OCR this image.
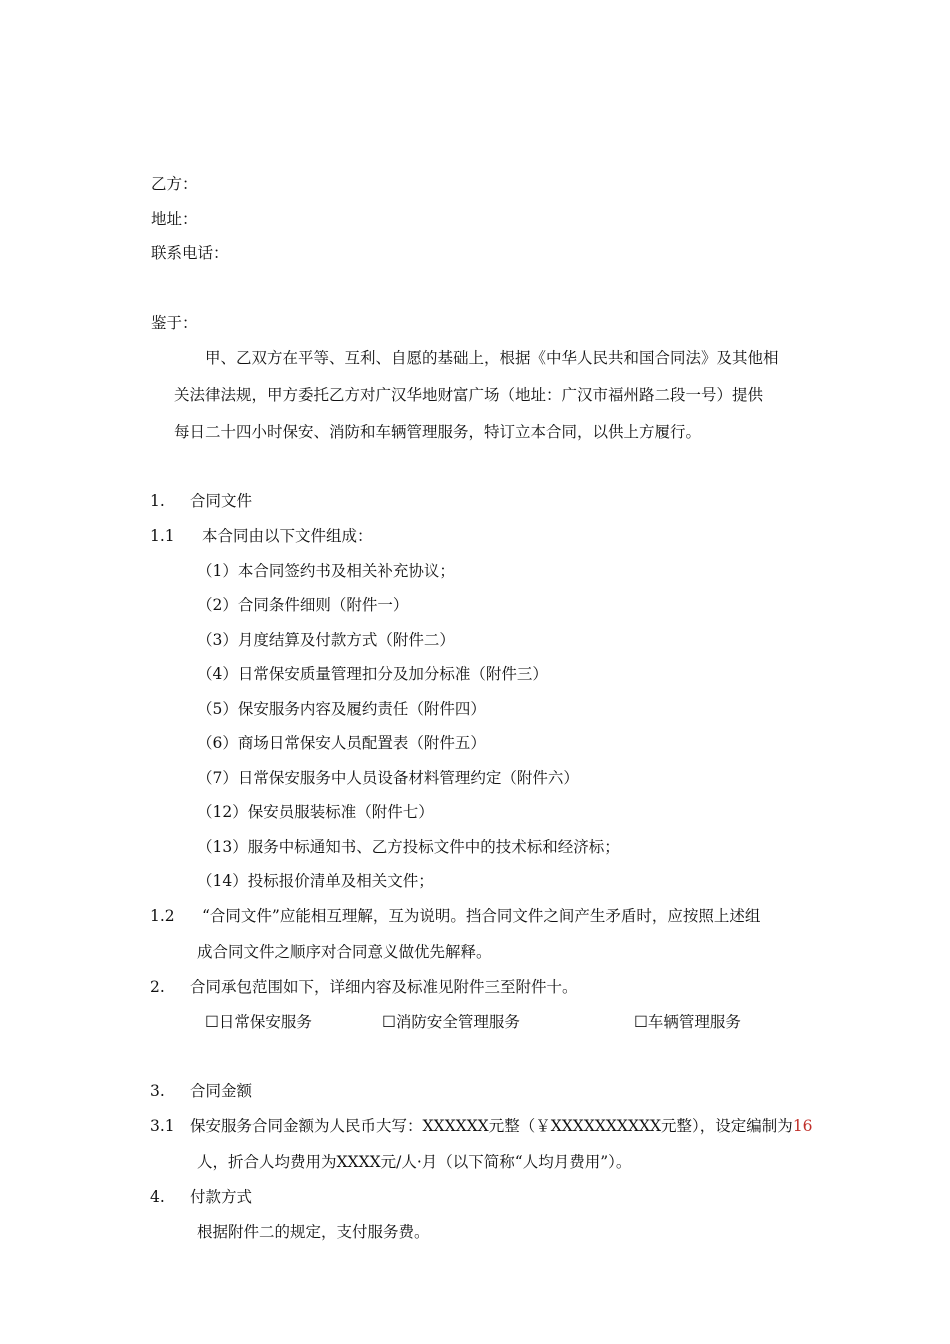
乙方：
地址：
联系电话：
鉴于：
甲、乙双方在平等、互利、自愿的基础上，根据《中华人民共和国合同法》及其他相
关法律法规，甲方委托乙方对广汉华地财富广场（地址：广汉市福州路二段一号）提供
每日二十四小时保安、消防和车辆管理服务，特订立本合同，以供上方履行。
1. 合同文件
1.1 本合同由以下文件组成：
（1）本合同签约书及相关补充协议；
（2）合同条件细则（附件一）
（3）月度结算及付款方式（附件二）
（4）日常保安质量管理扣分及加分标准（附件三）
（5）保安服务内容及履约责任（附件四）
（6）商场日常保安人员配置表（附件五）
（7）日常保安服务中人员设备材料管理约定（附件六）
（12）保安员服装标准（附件七）
（13）服务中标通知书、乙方投标文件中的技术标和经济标；
（14）投标报价清单及相关文件；
1.2 “合同文件”应能相互理解，互为说明。挡合同文件之间产生矛盾时，应按照上述组
成合同文件之顺序对合同意义做优先解释。
2. 合同承包范围如下，详细内容及标准见附件三至附件十。
☐日常保安服务	☐消防安全管理服务	☐车辆管理服务
3. 合同金额
3.1 保安服务合同金额为人民币大写：XXXXXX元整（￥XXXXXXXXXX元整），设定编制为16
人，折合人均费用为XXXX元/人·月（以下简称“人均月费用”）。
4. 付款方式
根据附件二的规定，支付服务费。
